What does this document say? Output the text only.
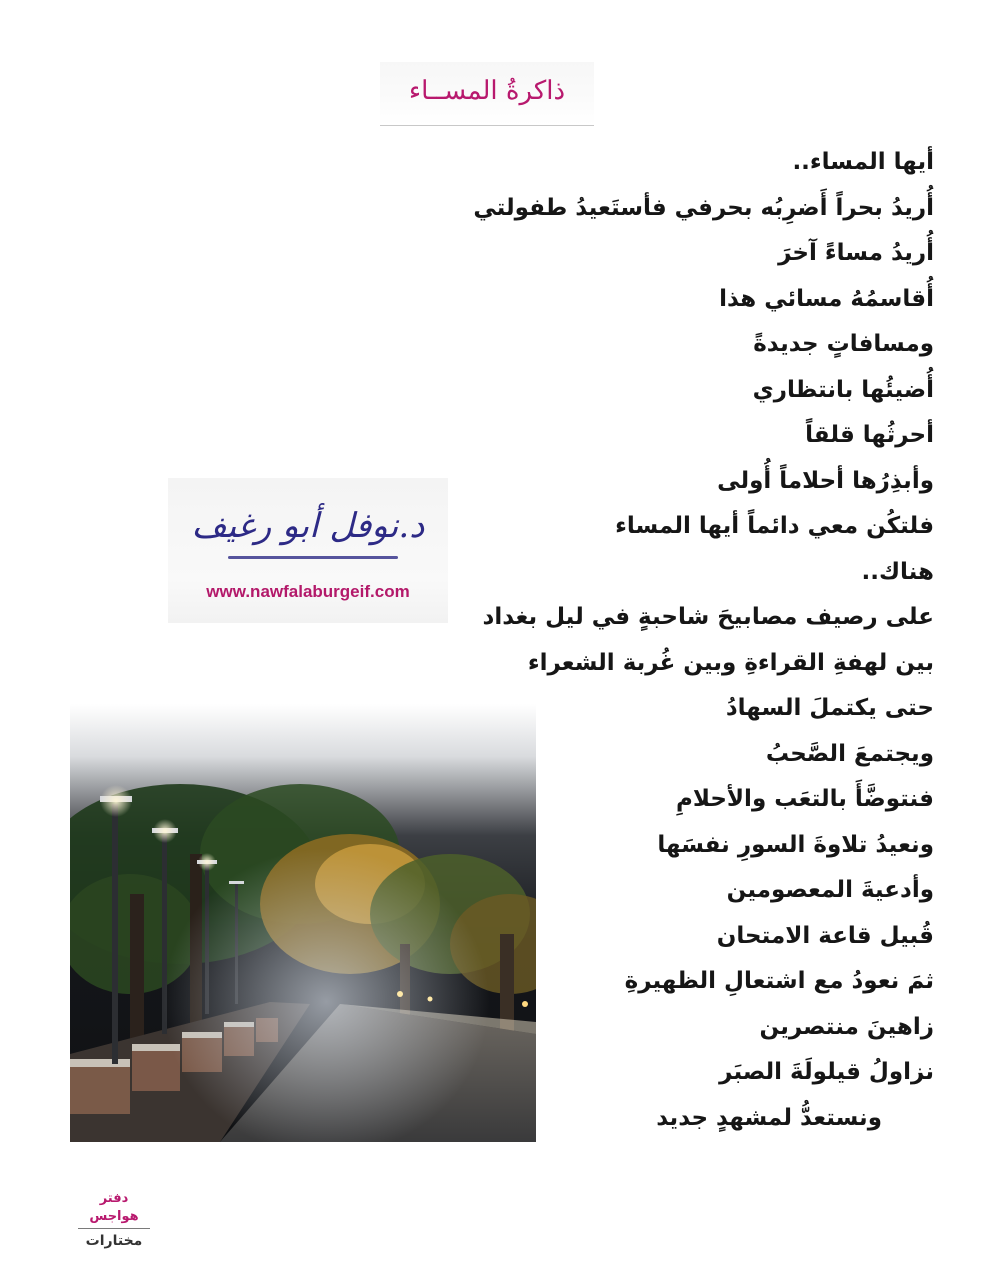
ذاكرةُ المســاء
أيها المساء..
أُريدُ بحراً أَضرِبُه بحرفي فأستَعيدُ طفولتي
أُريدُ مساءً آخرَ
أُقاسمُهُ مسائي هذا
ومسافاتٍ جديدةً
أُضيئُها بانتظاري
أحرثُها قلقاً
وأبذِرُها أحلاماً أُولى
فلتكُن معي دائماً أيها المساء
هناك..
على رصيف مصابيحَ شاحبةٍ في ليل بغداد
بين لهفةِ القراءةِ وبين غُربة الشعراء
حتى يكتملَ السهادُ
ويجتمعَ الصَّحبُ
فنتوضَّأَ بالتعَب والأحلامِ
ونعيدُ تلاوةَ السورِ نفسَها
وأدعيةَ المعصومين
قُبيل قاعة الامتحان
ثمَ نعودُ مع اشتعالِ الظهيرةِ
زاهينَ منتصرين
نزاولُ قيلولَةَ الصبَر
ونستعدُّ لمشهدٍ جديد
د.نوفل أبو رغيف
www.nawfalaburgeif.com
دفتر هواجس
مختارات
